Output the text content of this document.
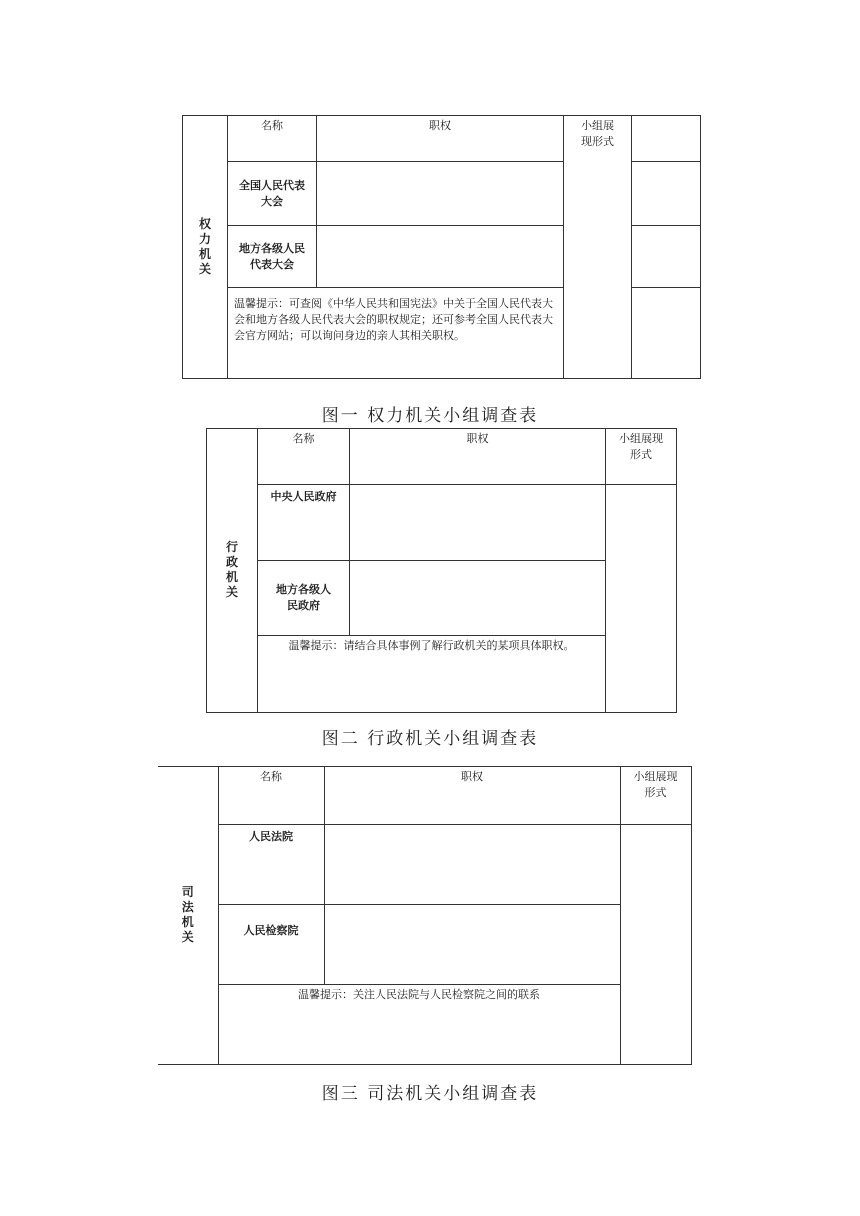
权力机关	名称	职权	小组展现形式	

	全国人民代表大会			
	地方各级人民代表大会			
	温馨提示：可查阅《中华人民共和国宪法》中关于全国人民代表大会和地方各级人民代表大会的职权规定；还可参考全国人民代表大会官方网站；可以询问身边的亲人其相关职权。			
图一 权力机关小组调查表
行政机关	名称	职权	小组展现形式

	中央人民政府		

	地方各级人民政府		

	温馨提示：请结合具体事例了解行政机关的某项具体职权。		
图二 行政机关小组调查表
司法机关	名称	职权	小组展现形式

	人民法院		
	人民检察院		
	温馨提示：关注人民法院与人民检察院之间的联系		
图三 司法机关小组调查表
